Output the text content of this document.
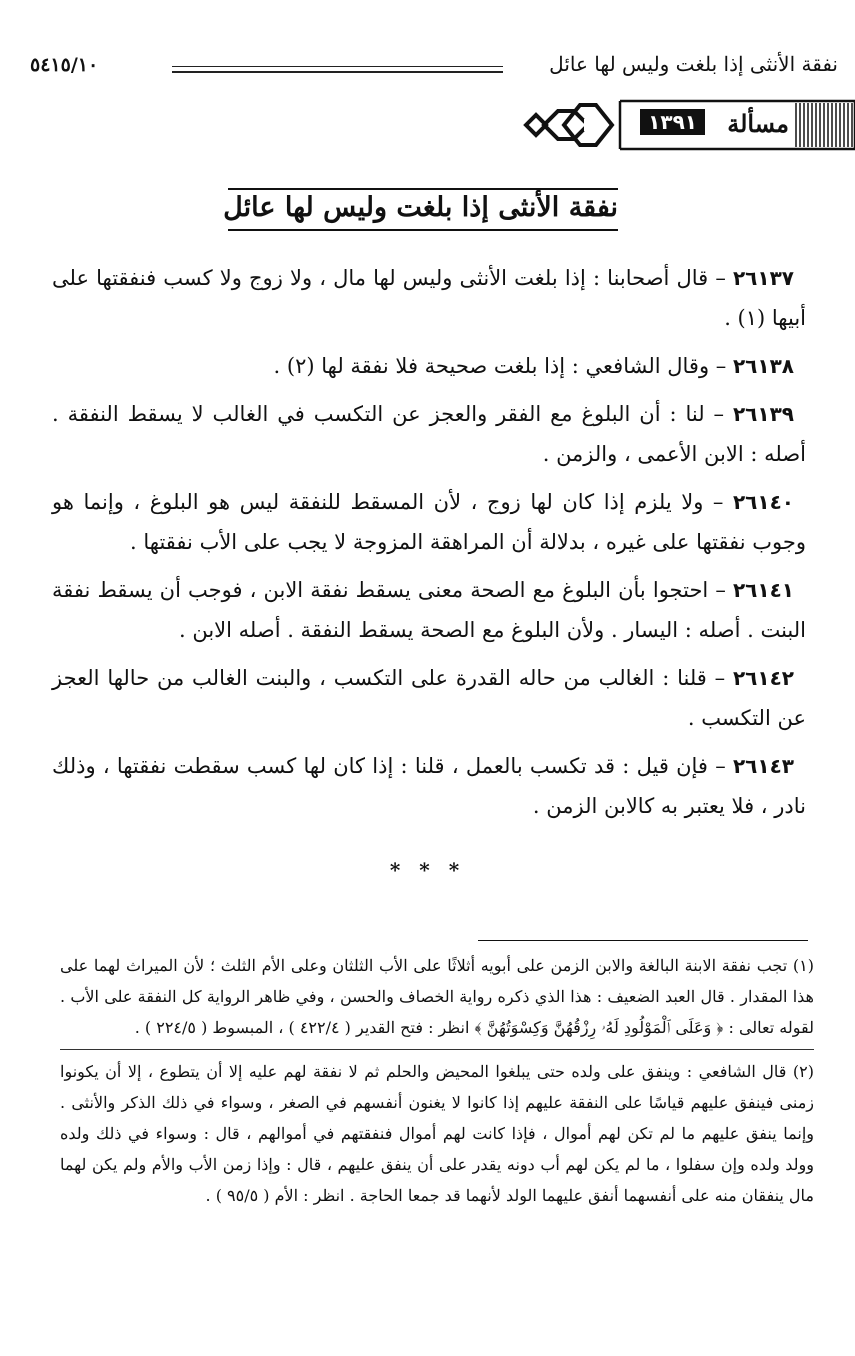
نفقة الأنثى إذا بلغت وليس لها عائل
٥٤١٥/١٠
مسألة
١٣٩١
نفقة الأنثى إذا بلغت وليس لها عائل

٢٦١٣٧ – قال أصحابنا : إذا بلغت الأنثى وليس لها مال ، ولا زوج ولا كسب فنفقتها على أبيها (١) .

٢٦١٣٨ – وقال الشافعي : إذا بلغت صحيحة فلا نفقة لها (٢) .

٢٦١٣٩ – لنا : أن البلوغ مع الفقر والعجز عن التكسب في الغالب لا يسقط النفقة . أصله : الابن الأعمى ، والزمن .

٢٦١٤٠ – ولا يلزم إذا كان لها زوج ، لأن المسقط للنفقة ليس هو البلوغ ، وإنما هو وجوب نفقتها على غيره ، بدلالة أن المراهقة المزوجة لا يجب على الأب نفقتها .

٢٦١٤١ – احتجوا بأن البلوغ مع الصحة معنى يسقط نفقة الابن ، فوجب أن يسقط نفقة البنت . أصله : اليسار . ولأن البلوغ مع الصحة يسقط النفقة . أصله الابن .

٢٦١٤٢ – قلنا : الغالب من حاله القدرة على التكسب ، والبنت الغالب من حالها العجز عن التكسب .

٢٦١٤٣ – فإن قيل : قد تكسب بالعمل ، قلنا : إذا كان لها كسب سقطت نفقتها ، وذلك نادر ، فلا يعتبر به كالابن الزمن .

* * *

(١) تجب نفقة الابنة البالغة والابن الزمن على أبويه أثلاثًا على الأب الثلثان وعلى الأم الثلث ؛ لأن الميراث لهما على هذا المقدار . قال العبد الضعيف : هذا الذي ذكره رواية الخصاف والحسن ، وفي ظاهر الرواية كل النفقة على الأب . لقوله تعالى : ﴿ وَعَلَى ٱلْمَوْلُودِ لَهُۥ رِزْقُهُنَّ وَكِسْوَتُهُنَّ ﴾ انظر : فتح القدير ( ٤٢٢/٤ ) ، المبسوط ( ٢٢٤/٥ ) .

(٢) قال الشافعي : وينفق على ولده حتى يبلغوا المحيض والحلم ثم لا نفقة لهم عليه إلا أن يتطوع ، إلا أن يكونوا زمنى فينفق عليهم قياسًا على النفقة عليهم إذا كانوا لا يغنون أنفسهم في الصغر ، وسواء في ذلك الذكر والأنثى . وإنما ينفق عليهم ما لم تكن لهم أموال ، فإذا كانت لهم أموال فنفقتهم في أموالهم ، قال : وسواء في ذلك ولده وولد ولده وإن سفلوا ، ما لم يكن لهم أب دونه يقدر على أن ينفق عليهم ، قال : وإذا زمن الأب والأم ولم يكن لهما مال ينفقان منه على أنفسهما أنفق عليهما الولد لأنهما قد جمعا الحاجة . انظر : الأم ( ٩٥/٥ ) .
